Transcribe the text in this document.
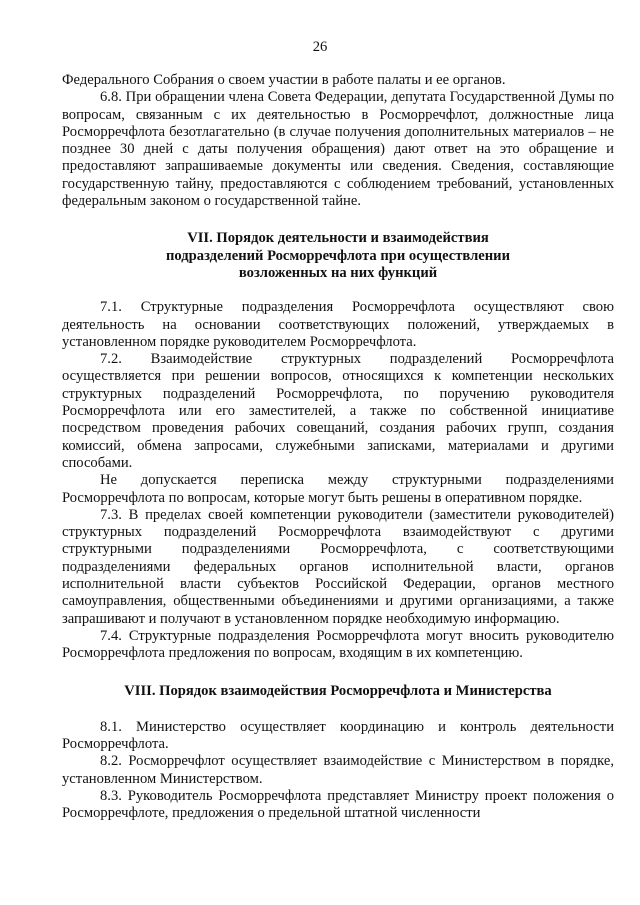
26

Федерального Собрания о своем участии в работе палаты и ее органов.

6.8. При обращении члена Совета Федерации, депутата Государственной Думы по вопросам, связанным с их деятельностью в Росморречфлот, должностные лица Росморречфлота безотлагательно (в случае получения дополнительных материалов – не позднее 30 дней с даты получения обращения) дают ответ на это обращение и предоставляют запрашиваемые документы или сведения. Сведения, составляющие государственную тайну, предоставляются с соблюдением требований, установленных федеральным законом о государственной тайне.

VII. Порядок деятельности и взаимодействия
подразделений Росморречфлота при осуществлении
возложенных на них функций

7.1. Структурные подразделения Росморречфлота осуществляют свою деятельность на основании соответствующих положений, утверждаемых в установленном порядке руководителем Росморречфлота.

7.2. Взаимодействие структурных подразделений Росморречфлота осуществляется при решении вопросов, относящихся к компетенции нескольких структурных подразделений Росморречфлота, по поручению руководителя Росморречфлота или его заместителей, а также по собственной инициативе посредством проведения рабочих совещаний, создания рабочих групп, создания комиссий, обмена запросами, служебными записками, материалами и другими способами.

Не допускается переписка между структурными подразделениями Росморречфлота по вопросам, которые могут быть решены в оперативном порядке.

7.3. В пределах своей компетенции руководители (заместители руководителей) структурных подразделений Росморречфлота взаимодействуют с другими структурными подразделениями Росморречфлота, с соответствующими подразделениями федеральных органов исполнительной власти, органов исполнительной власти субъектов Российской Федерации, органов местного самоуправления, общественными объединениями и другими организациями, а также запрашивают и получают в установленном порядке необходимую информацию.

7.4. Структурные подразделения Росморречфлота могут вносить руководителю Росморречфлота предложения по вопросам, входящим в их компетенцию.

VIII. Порядок взаимодействия Росморречфлота и Министерства

8.1. Министерство осуществляет координацию и контроль деятельности Росморречфлота.

8.2. Росморречфлот осуществляет взаимодействие с Министерством в порядке, установленном Министерством.

8.3. Руководитель Росморречфлота представляет Министру проект положения о Росморречфлоте, предложения о предельной штатной численности
